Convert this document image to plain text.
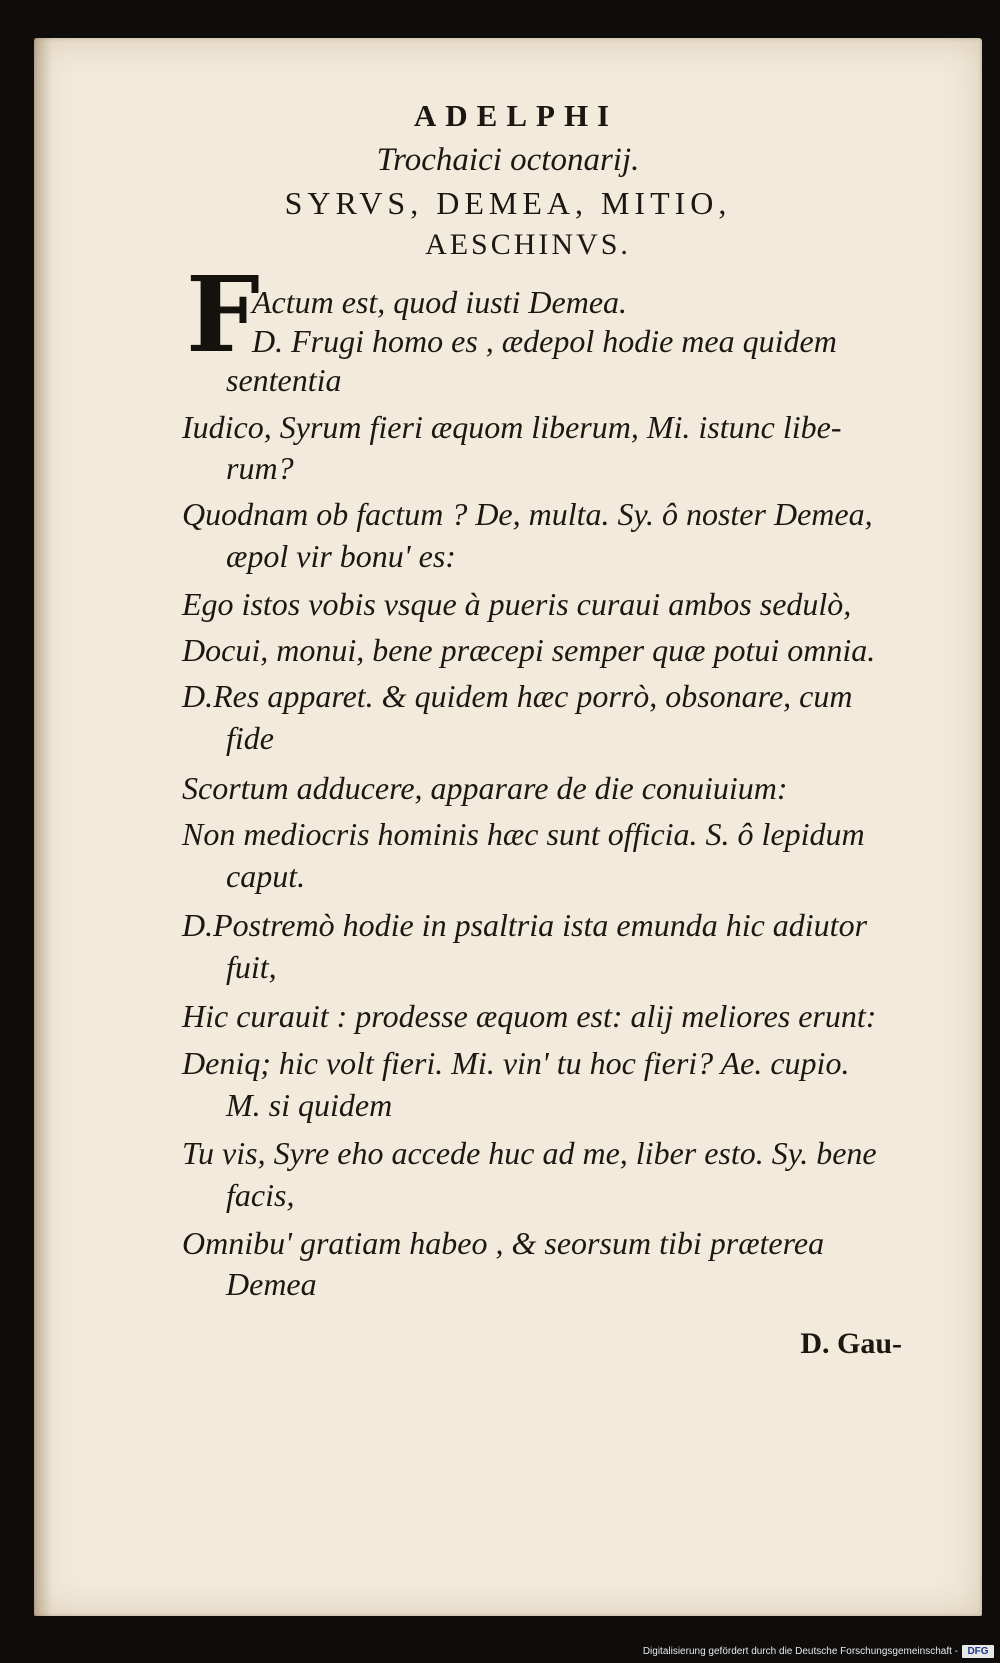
ADELPHI
Trochaici octonarij.
SYRVS, DEMEA, MITIO,
AESCHINVS.
F
Actum est, quod iusti Demea.
D. Frugi homo es , ædepol hodie mea quidem
sententia
Iudico, Syrum fieri æquom liberum, Mi. istunc libe-
rum?
Quodnam ob factum ? De, multa. Sy. ô noster Demea,
æpol vir bonu' es:
Ego istos vobis vsque à pueris curaui ambos sedulò,
Docui, monui, bene præcepi semper quæ potui omnia.
D.Res apparet. & quidem hæc porrò, obsonare, cum
fide
Scortum adducere, apparare de die conuiuium:
Non mediocris hominis hæc sunt officia. S. ô lepidum
caput.
D.Postremò hodie in psaltria ista emunda hic adiutor
fuit,
Hic curauit : prodesse æquom est: alij meliores erunt:
Deniq; hic volt fieri. Mi. vin' tu hoc fieri? Ae. cupio.
M. si quidem
Tu vis, Syre eho accede huc ad me, liber esto. Sy. bene
facis,
Omnibu' gratiam habeo , & seorsum tibi præterea
Demea
D. Gau-
Digitalisierung gefördert durch die Deutsche Forschungsgemeinschaft - DFG
